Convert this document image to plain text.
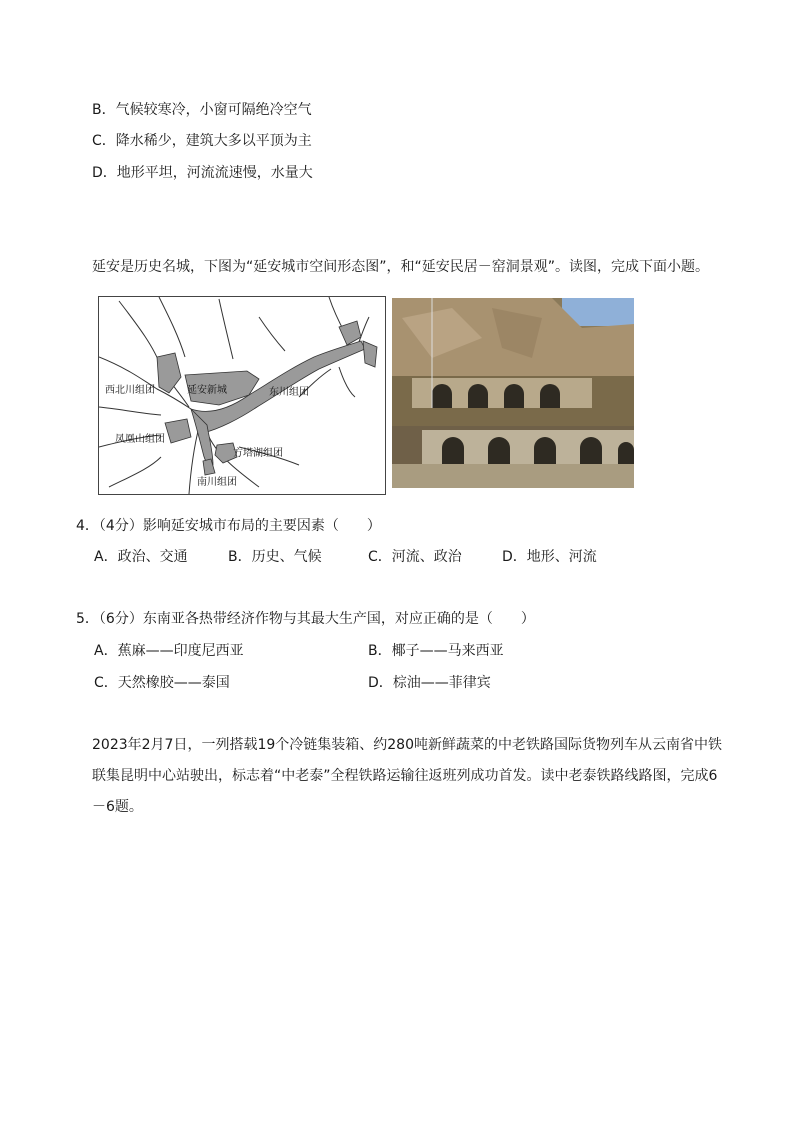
B．气候较寒冷，小窗可隔绝冷空气
C．降水稀少，建筑大多以平顶为主
D．地形平坦，河流流速慢，水量大
延安是历史名城，下图为“延安城市空间形态图”，和“延安民居－窑洞景观”。读图，完成下面小题。
西北川组团	延安新城	东川组团
凤凰山组团
方塔湖组团
南川组团
4．（4分）影响延安城市布局的主要因素（　　）
A．政治、交通	B．历史、气候	C．河流、政治	D．地形、河流
5．（6分）东南亚各热带经济作物与其最大生产国，对应正确的是（　　）
A．蕉麻——印度尼西亚	B．椰子——马来西亚
C．天然橡胶——泰国	D．棕油——菲律宾
2023年2月7日，一列搭载19个冷链集装箱、约280吨新鲜蔬菜的中老铁路国际货物列车从云南省中铁联集昆明中心站驶出，标志着“中老泰”全程铁路运输往返班列成功首发。读中老泰铁路线路图，完成6－6题。
